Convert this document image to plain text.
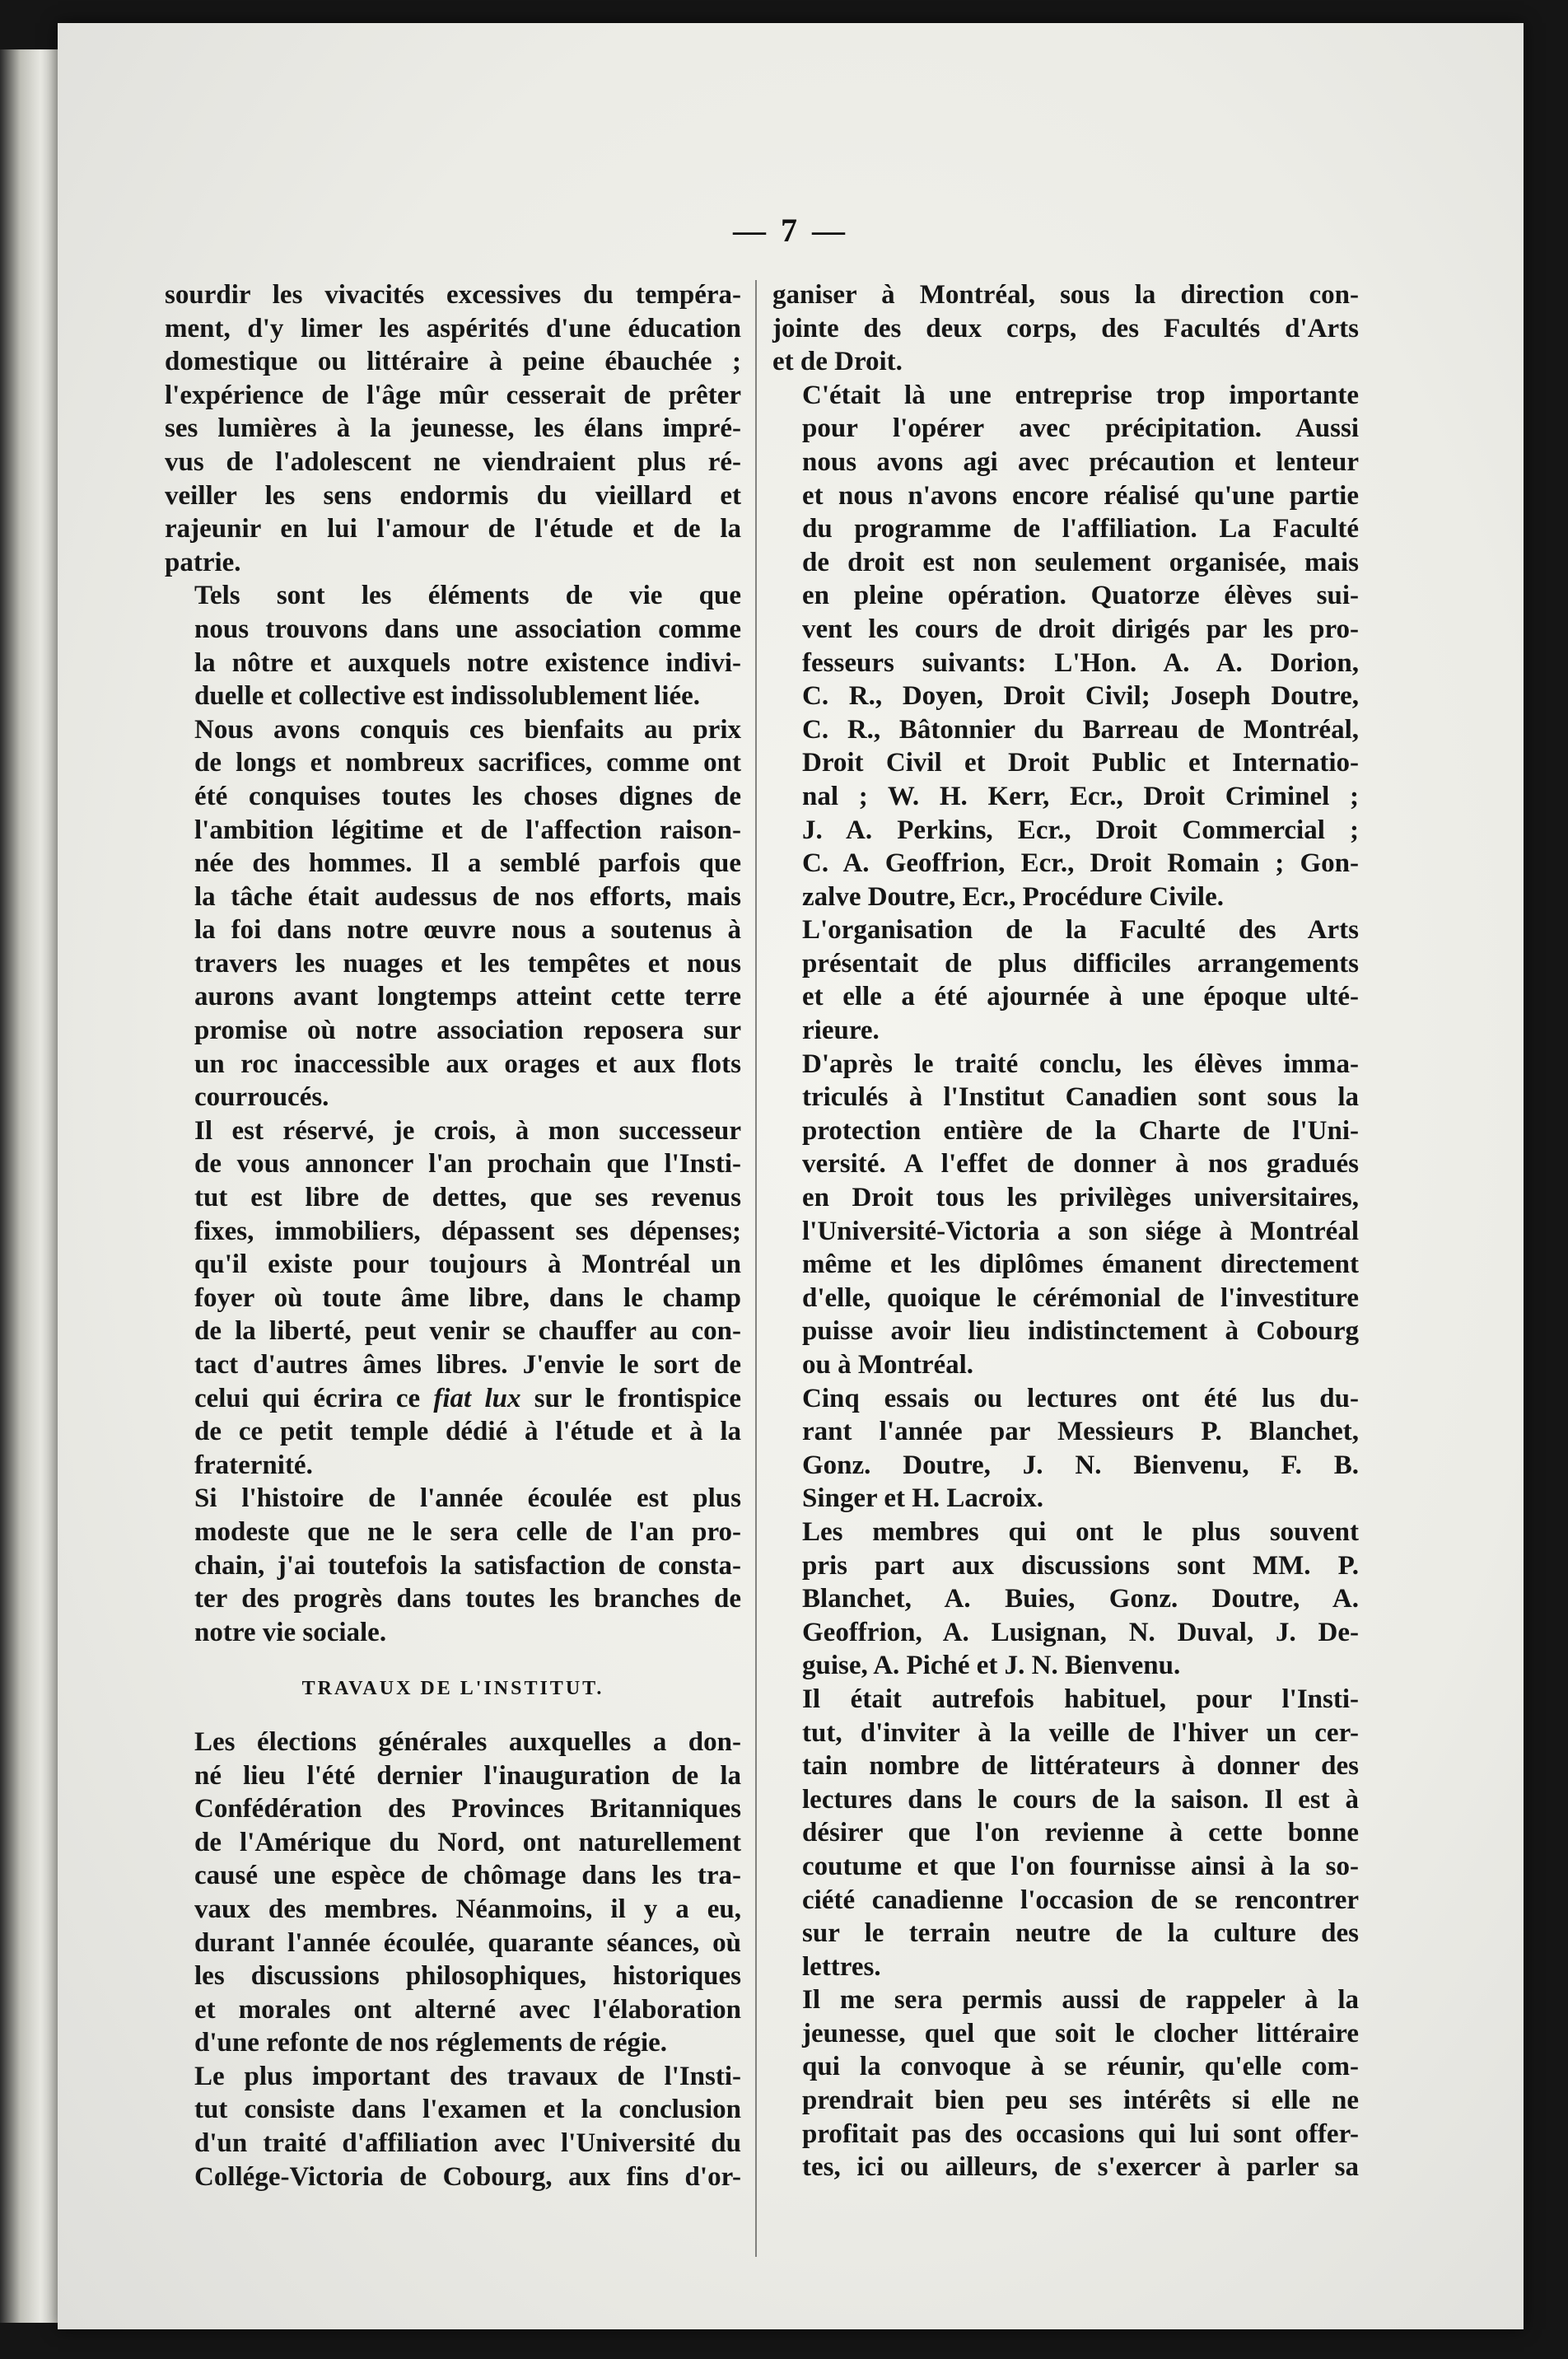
— 7 —

sourdir les vivacités excessives du tempéra-
ment, d'y limer les aspérités d'une éducation
domestique ou littéraire à peine ébauchée ;
l'expérience de l'âge mûr cesserait de prêter
ses lumières à la jeunesse, les élans impré-
vus de l'adolescent ne viendraient plus ré-
veiller les sens endormis du vieillard et
rajeunir en lui l'amour de l'étude et de la
patrie.

Tels sont les éléments de vie que
nous trouvons dans une association comme
la nôtre et auxquels notre existence indivi-
duelle et collective est indissolublement liée.

Nous avons conquis ces bienfaits au prix
de longs et nombreux sacrifices, comme ont
été conquises toutes les choses dignes de
l'ambition légitime et de l'affection raison-
née des hommes. Il a semblé parfois que
la tâche était audessus de nos efforts, mais
la foi dans notre œuvre nous a soutenus à
travers les nuages et les tempêtes et nous
aurons avant longtemps atteint cette terre
promise où notre association reposera sur
un roc inaccessible aux orages et aux flots
courroucés.

Il est réservé, je crois, à mon successeur
de vous annoncer l'an prochain que l'Insti-
tut est libre de dettes, que ses revenus
fixes, immobiliers, dépassent ses dépenses;
qu'il existe pour toujours à Montréal un
foyer où toute âme libre, dans le champ
de la liberté, peut venir se chauffer au con-
tact d'autres âmes libres. J'envie le sort de
celui qui écrira ce fiat lux sur le frontispice
de ce petit temple dédié à l'étude et à la
fraternité.

Si l'histoire de l'année écoulée est plus
modeste que ne le sera celle de l'an pro-
chain, j'ai toutefois la satisfaction de consta-
ter des progrès dans toutes les branches de
notre vie sociale.

TRAVAUX DE L'INSTITUT.

Les élections générales auxquelles a don-
né lieu l'été dernier l'inauguration de la
Confédération des Provinces Britanniques
de l'Amérique du Nord, ont naturellement
causé une espèce de chômage dans les tra-
vaux des membres. Néanmoins, il y a eu,
durant l'année écoulée, quarante séances, où
les discussions philosophiques, historiques
et morales ont alterné avec l'élaboration
d'une refonte de nos réglements de régie.

Le plus important des travaux de l'Insti-
tut consiste dans l'examen et la conclusion
d'un traité d'affiliation avec l'Université du
Collége-Victoria de Cobourg, aux fins d'or-

ganiser à Montréal, sous la direction con-
jointe des deux corps, des Facultés d'Arts
et de Droit.

C'était là une entreprise trop importante
pour l'opérer avec précipitation. Aussi
nous avons agi avec précaution et lenteur
et nous n'avons encore réalisé qu'une partie
du programme de l'affiliation. La Faculté
de droit est non seulement organisée, mais
en pleine opération. Quatorze élèves sui-
vent les cours de droit dirigés par les pro-
fesseurs suivants: L'Hon. A. A. Dorion,
C. R., Doyen, Droit Civil; Joseph Doutre,
C. R., Bâtonnier du Barreau de Montréal,
Droit Civil et Droit Public et Internatio-
nal ; W. H. Kerr, Ecr., Droit Criminel ;
J. A. Perkins, Ecr., Droit Commercial ;
C. A. Geoffrion, Ecr., Droit Romain ; Gon-
zalve Doutre, Ecr., Procédure Civile.

L'organisation de la Faculté des Arts
présentait de plus difficiles arrangements
et elle a été ajournée à une époque ulté-
rieure.

D'après le traité conclu, les élèves imma-
triculés à l'Institut Canadien sont sous la
protection entière de la Charte de l'Uni-
versité. A l'effet de donner à nos gradués
en Droit tous les privilèges universitaires,
l'Université-Victoria a son siége à Montréal
même et les diplômes émanent directement
d'elle, quoique le cérémonial de l'investiture
puisse avoir lieu indistinctement à Cobourg
ou à Montréal.

Cinq essais ou lectures ont été lus du-
rant l'année par Messieurs P. Blanchet,
Gonz. Doutre, J. N. Bienvenu, F. B.
Singer et H. Lacroix.

Les membres qui ont le plus souvent
pris part aux discussions sont MM. P.
Blanchet, A. Buies, Gonz. Doutre, A.
Geoffrion, A. Lusignan, N. Duval, J. De-
guise, A. Piché et J. N. Bienvenu.

Il était autrefois habituel, pour l'Insti-
tut, d'inviter à la veille de l'hiver un cer-
tain nombre de littérateurs à donner des
lectures dans le cours de la saison. Il est à
désirer que l'on revienne à cette bonne
coutume et que l'on fournisse ainsi à la so-
ciété canadienne l'occasion de se rencontrer
sur le terrain neutre de la culture des
lettres.

Il me sera permis aussi de rappeler à la
jeunesse, quel que soit le clocher littéraire
qui la convoque à se réunir, qu'elle com-
prendrait bien peu ses intérêts si elle ne
profitait pas des occasions qui lui sont offer-
tes, ici ou ailleurs, de s'exercer à parler sa
